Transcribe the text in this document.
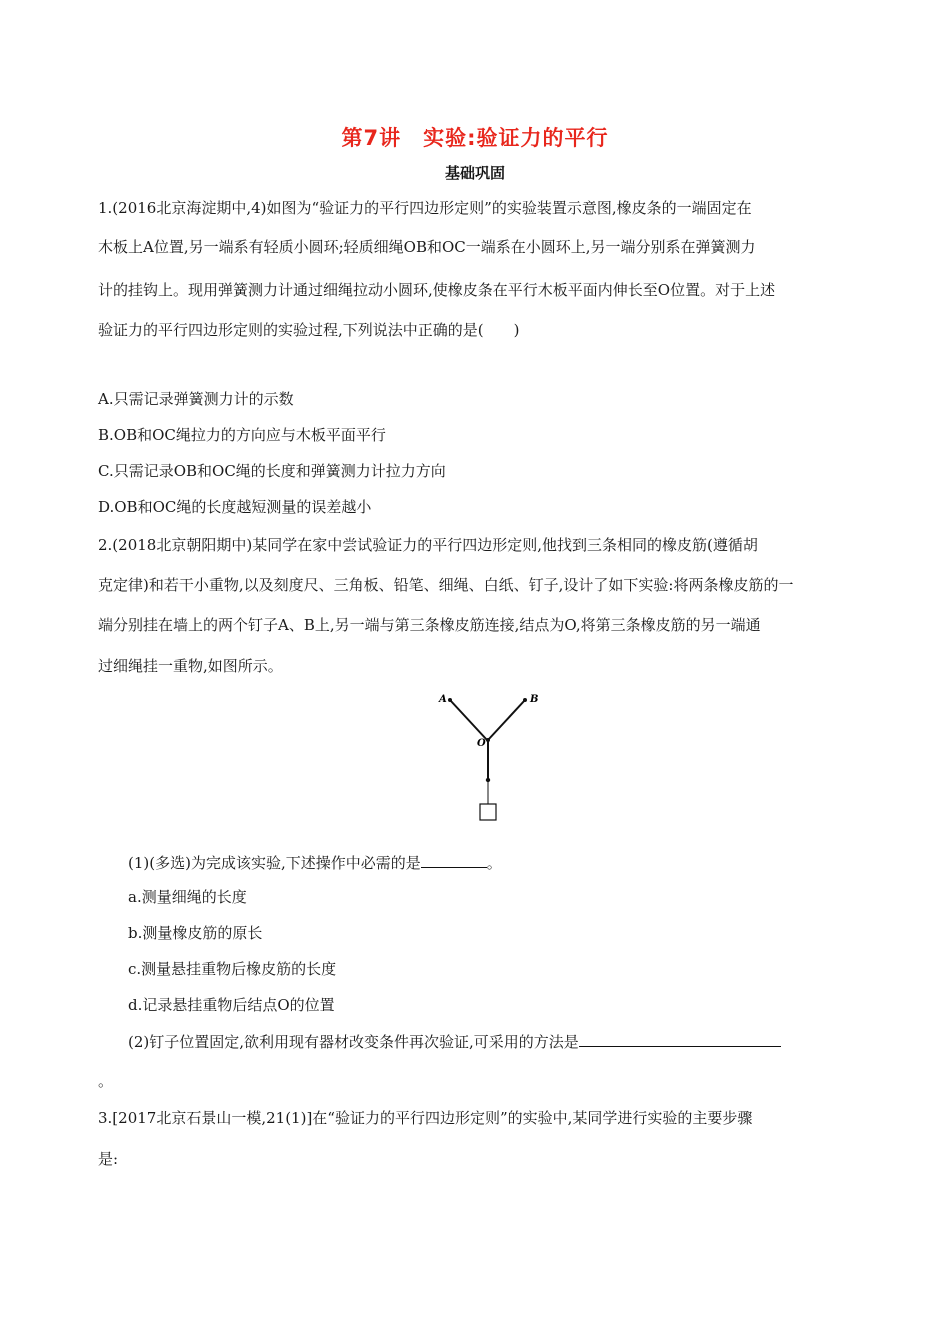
第7讲　实验:验证力的平行
基础巩固
1.(2016北京海淀期中,4)如图为“验证力的平行四边形定则”的实验装置示意图,橡皮条的一端固定在
木板上A位置,另一端系有轻质小圆环;轻质细绳OB和OC一端系在小圆环上,另一端分别系在弹簧测力
计的挂钩上。现用弹簧测力计通过细绳拉动小圆环,使橡皮条在平行木板平面内伸长至O位置。对于上述
验证力的平行四边形定则的实验过程,下列说法中正确的是(　　)
A.只需记录弹簧测力计的示数
B.OB和OC绳拉力的方向应与木板平面平行
C.只需记录OB和OC绳的长度和弹簧测力计拉力方向
D.OB和OC绳的长度越短测量的误差越小
2.(2018北京朝阳期中)某同学在家中尝试验证力的平行四边形定则,他找到三条相同的橡皮筋(遵循胡
克定律)和若干小重物,以及刻度尺、三角板、铅笔、细绳、白纸、钉子,设计了如下实验:将两条橡皮筋的一
端分别挂在墙上的两个钉子A、B上,另一端与第三条橡皮筋连接,结点为O,将第三条橡皮筋的另一端通
过细绳挂一重物,如图所示。
A	B
O
(1)(多选)为完成该实验,下述操作中必需的是	。
a.测量细绳的长度
b.测量橡皮筋的原长
c.测量悬挂重物后橡皮筋的长度
d.记录悬挂重物后结点O的位置
(2)钉子位置固定,欲利用现有器材改变条件再次验证,可采用的方法是
。
3.[2017北京石景山一模,21(1)]在“验证力的平行四边形定则”的实验中,某同学进行实验的主要步骤
是:
